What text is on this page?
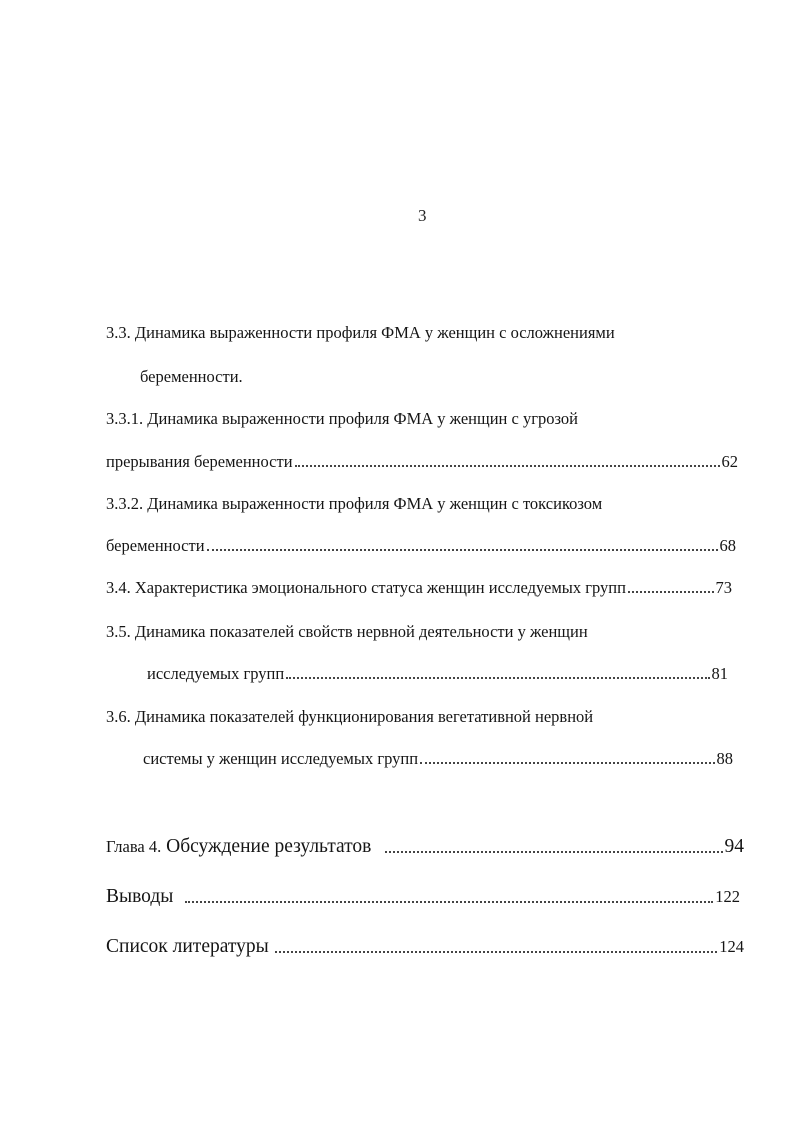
3
3.3. Динамика выраженности профиля ФМА у женщин с осложнениями
беременности.
3.3.1. Динамика выраженности профиля ФМА у женщин с угрозой
прерывания беременности	62
3.3.2. Динамика выраженности профиля ФМА у женщин с токсикозом
беременности	68
3.4. Характеристика эмоционального статуса женщин исследуемых групп	73
3.5. Динамика показателей свойств нервной деятельности у женщин
исследуемых групп	81
3.6. Динамика показателей функционирования вегетативной нервной
системы у женщин исследуемых групп	88
Глава 4. Обсуждение результатов	94
Выводы	122
Список литературы	124
